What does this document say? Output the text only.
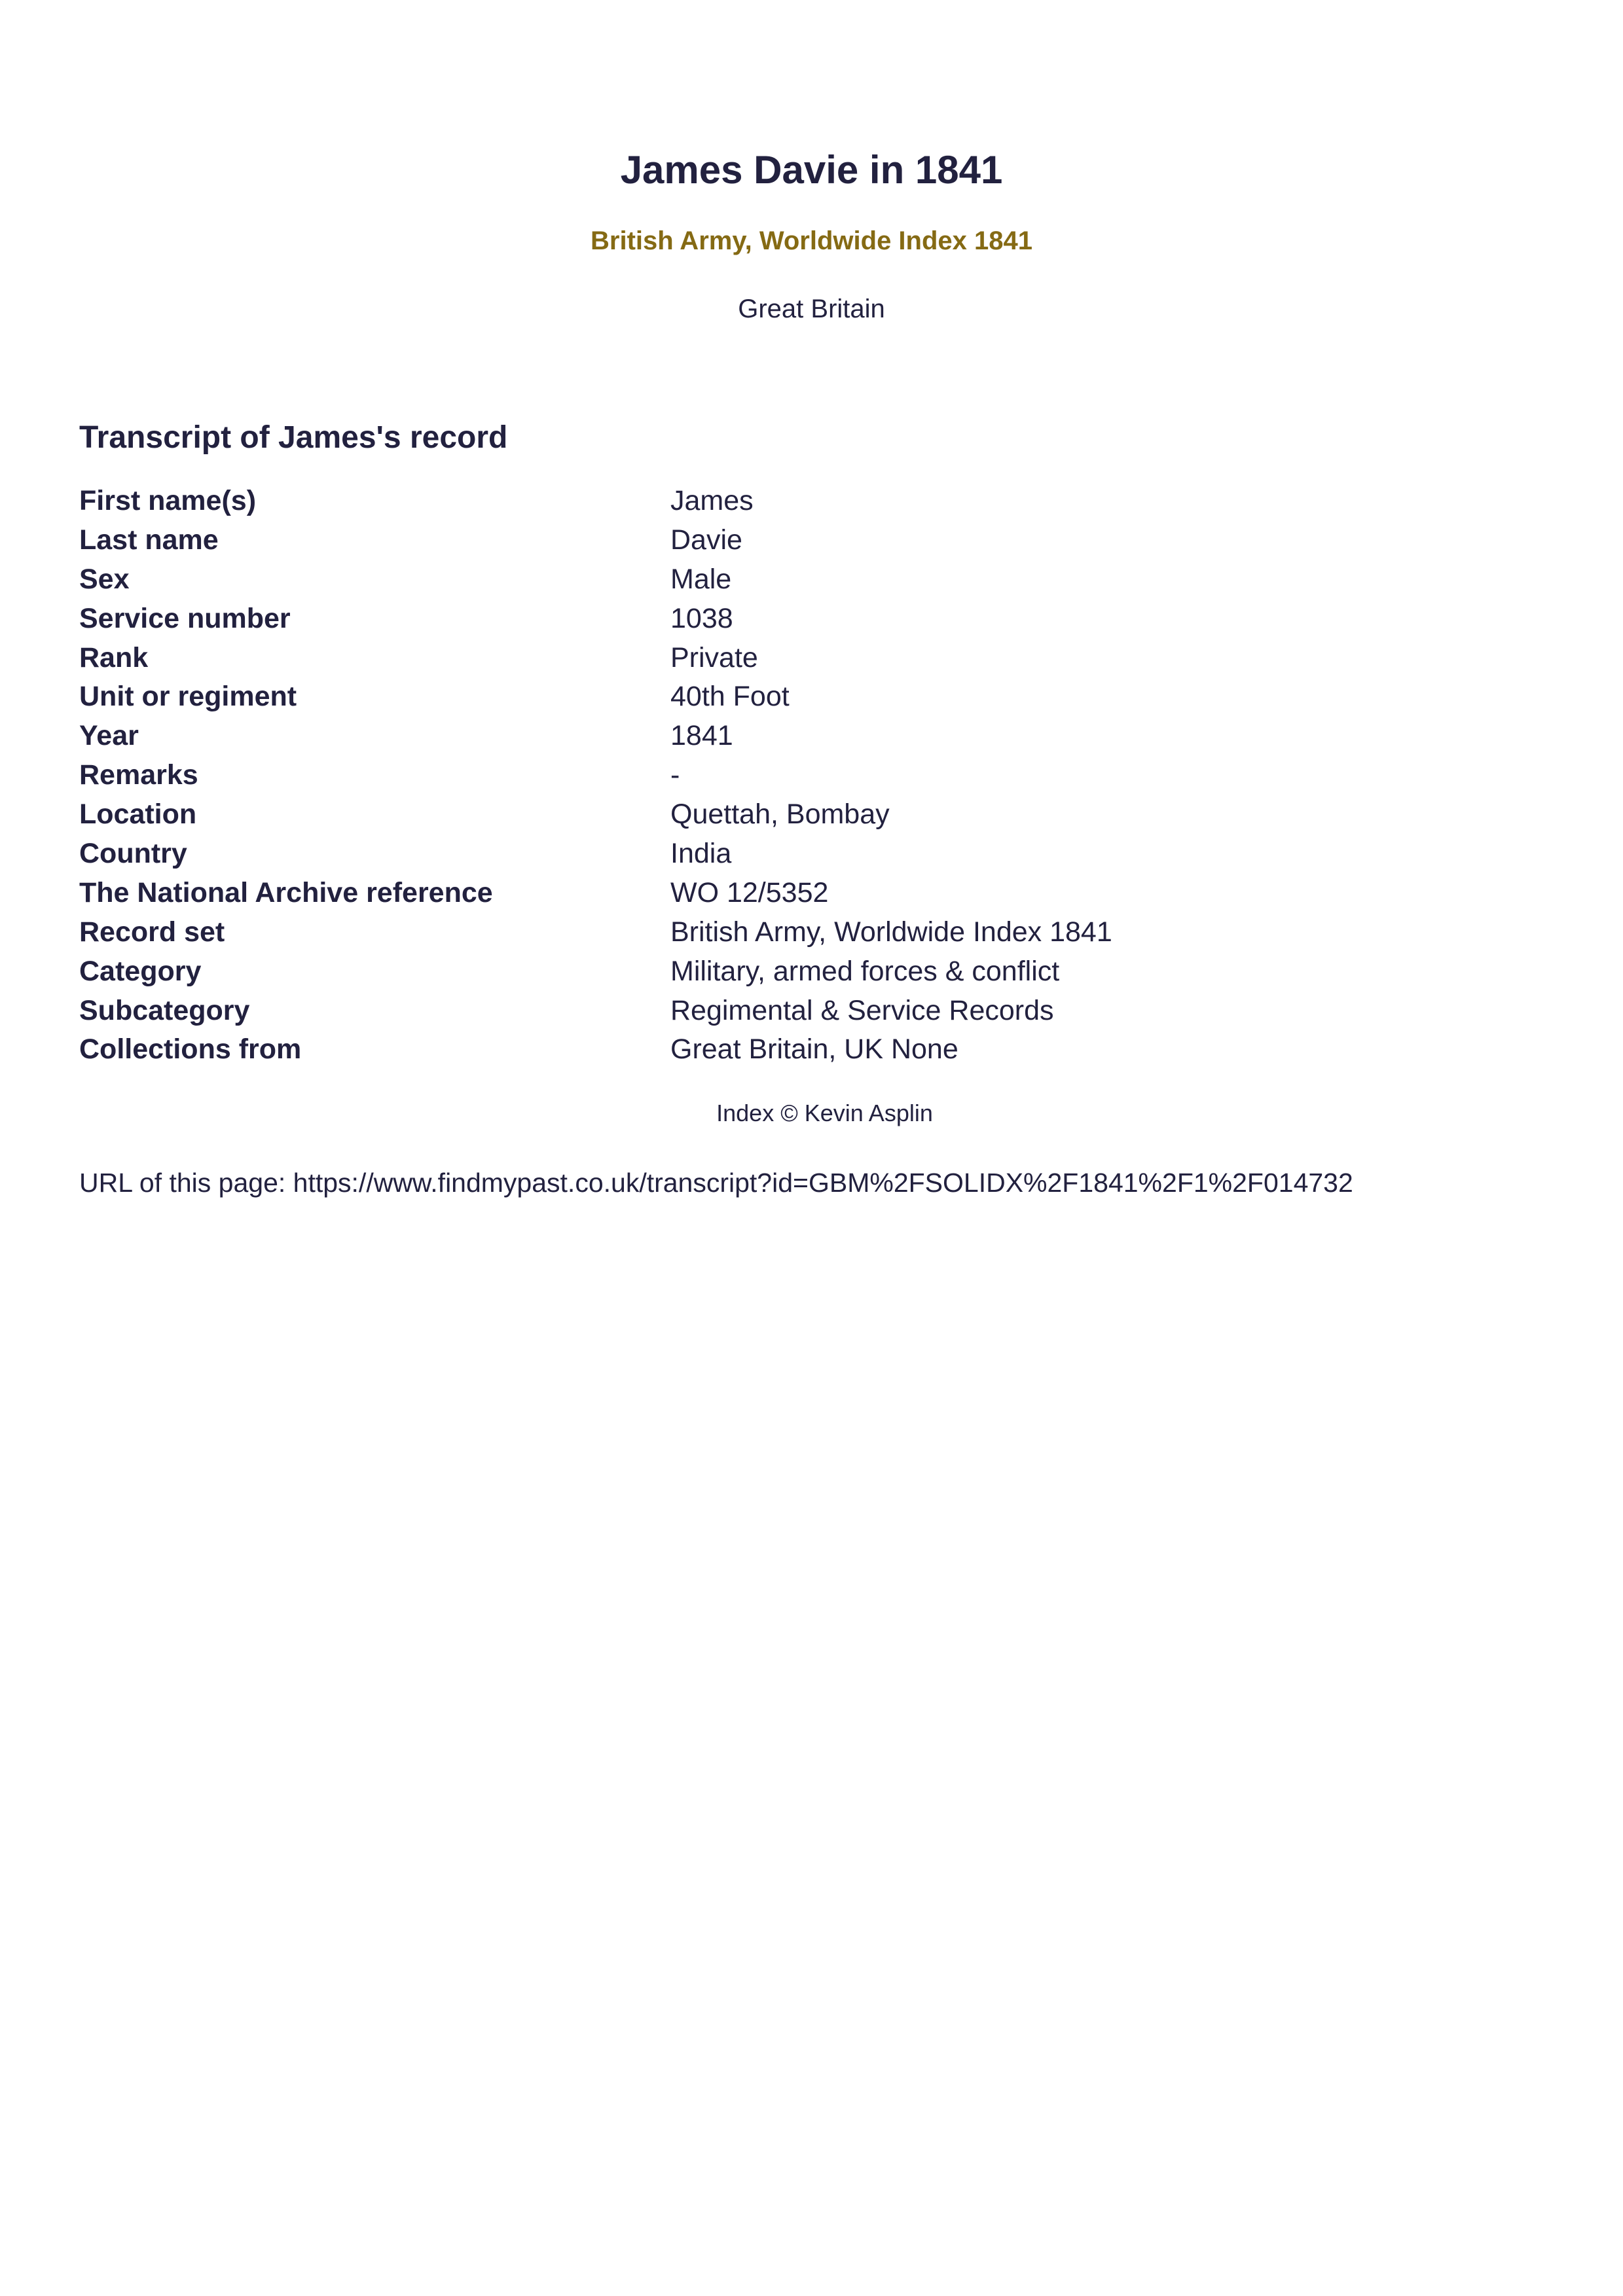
James Davie in 1841
British Army, Worldwide Index 1841
Great Britain
Transcript of James's record
First name(s)	James
Last name	Davie
Sex	Male
Service number	1038
Rank	Private
Unit or regiment	40th Foot
Year	1841
Remarks	-
Location	Quettah, Bombay
Country	India
The National Archive reference	WO 12/5352
Record set	British Army, Worldwide Index 1841
Category	Military, armed forces & conflict
Subcategory	Regimental & Service Records
Collections from	Great Britain, UK None
Index © Kevin Asplin
URL of this page: https://www.findmypast.co.uk/transcript?id=GBM%2FSOLIDX%2F1841%2F1%2F014732
